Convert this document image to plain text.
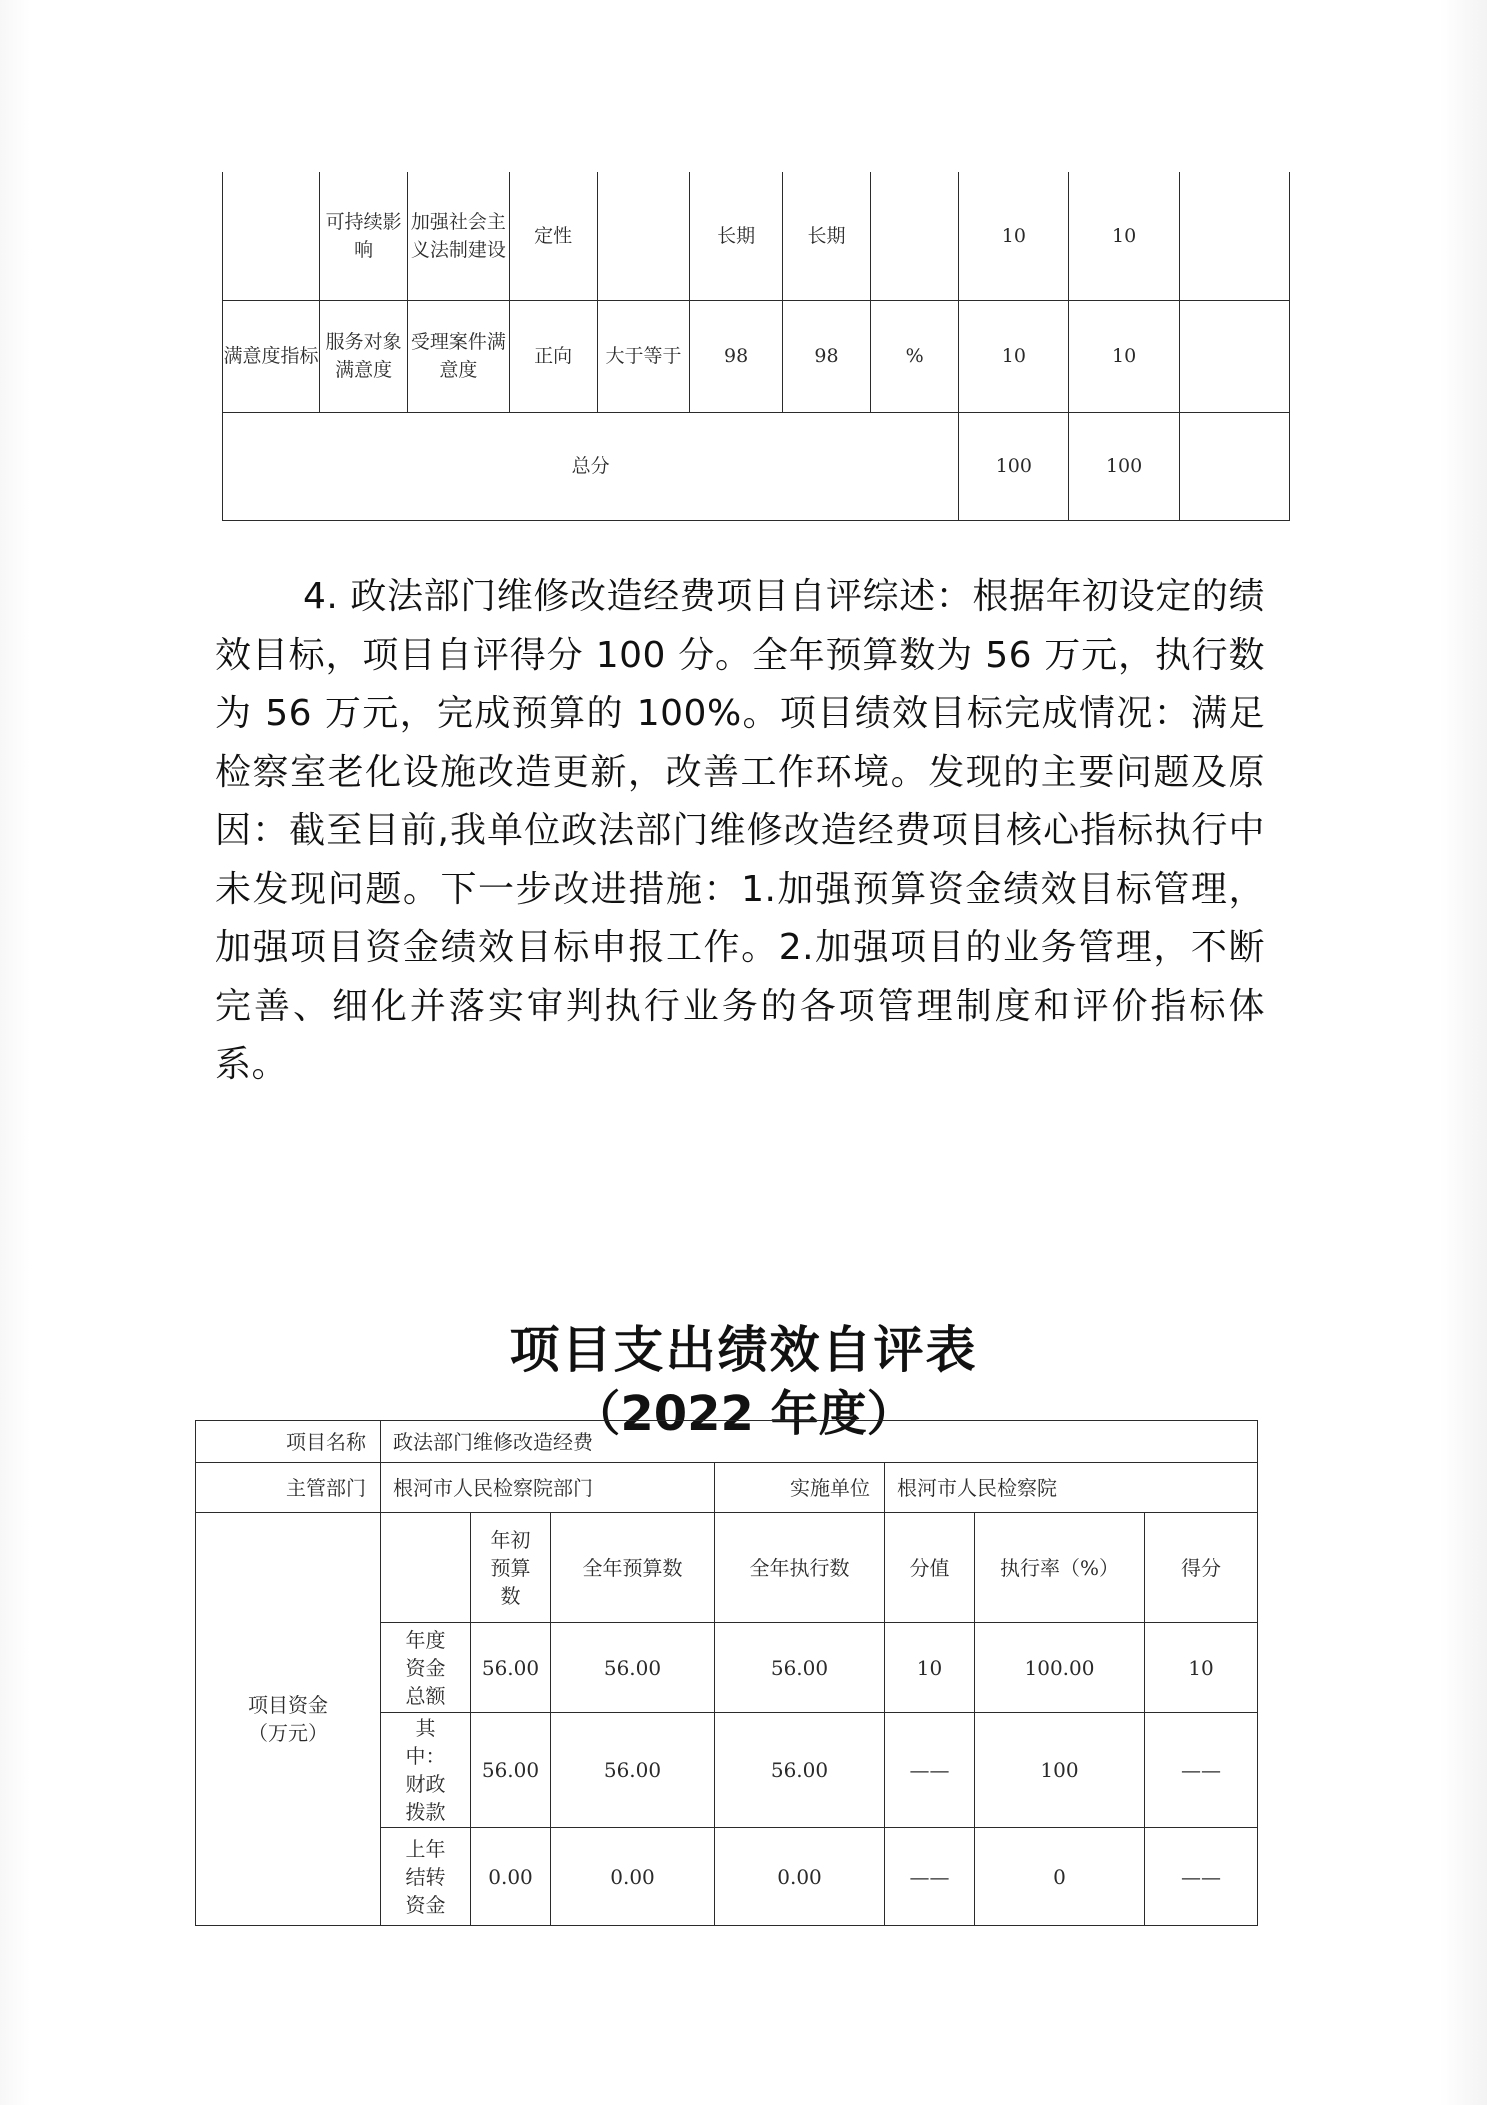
	可持续影响	加强社会主义法制建设	定性		长期	长期		10	10	
满意度指标	服务对象满意度	受理案件满意度	正向	大于等于	98	98	%	10	10	
总分								100	100	
4. 政法部门维修改造经费项目自评综述：根据年初设定的绩效目标，项目自评得分 100 分。全年预算数为 56 万元，执行数为 56 万元，完成预算的 100%。项目绩效目标完成情况：满足检察室老化设施改造更新，改善工作环境。发现的主要问题及原因：截至目前,我单位政法部门维修改造经费项目核心指标执行中未发现问题。下一步改进措施：1.加强预算资金绩效目标管理，加强项目资金绩效目标申报工作。2.加强项目的业务管理，不断完善、细化并落实审判执行业务的各项管理制度和评价指标体系。
项目支出绩效自评表
（2022 年度）
项目名称	政法部门维修改造经费						
主管部门	根河市人民检察院部门			实施单位	根河市人民检察院		
项目资金（万元）		年初预算数	全年预算数	全年执行数	分值	执行率（%）	得分
	年度资金总额	56.00	56.00	56.00	10	100.00	10
	其中：财政拨款	56.00	56.00	56.00	——	100	——
	上年结转资金	0.00	0.00	0.00	——	0	——
